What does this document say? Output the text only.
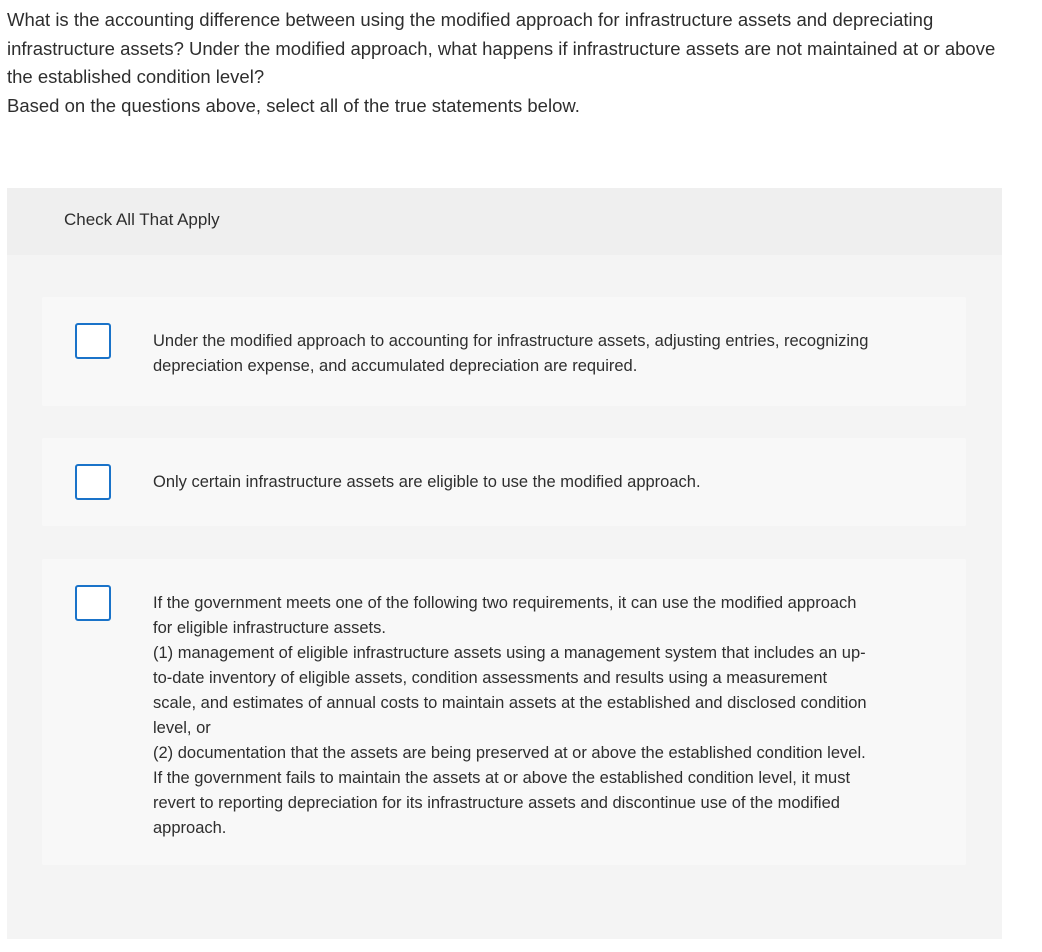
What is the accounting difference between using the modified approach for infrastructure assets and depreciating infrastructure assets? Under the modified approach, what happens if infrastructure assets are not maintained at or above the established condition level?

Based on the questions above, select all of the true statements below.

Check All That Apply

Under the modified approach to accounting for infrastructure assets, adjusting entries, recognizing depreciation expense, and accumulated depreciation are required.

Only certain infrastructure assets are eligible to use the modified approach.

If the government meets one of the following two requirements, it can use the modified approach for eligible infrastructure assets.

(1) management of eligible infrastructure assets using a management system that includes an up-to-date inventory of eligible assets, condition assessments and results using a measurement scale, and estimates of annual costs to maintain assets at the established and disclosed condition level, or

(2) documentation that the assets are being preserved at or above the established condition level. If the government fails to maintain the assets at or above the established condition level, it must revert to reporting depreciation for its infrastructure assets and discontinue use of the modified approach.
